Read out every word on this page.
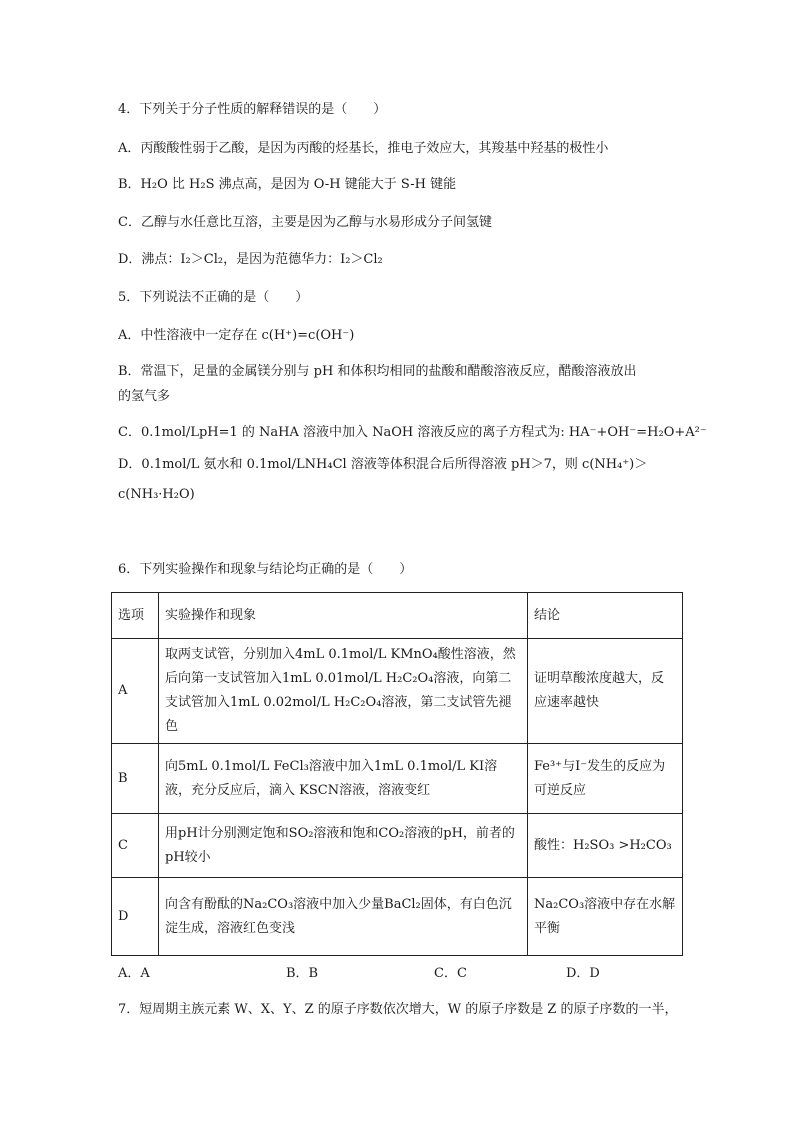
4．下列关于分子性质的解释错误的是（　　）
A．丙酸酸性弱于乙酸，是因为丙酸的烃基长，推电子效应大，其羧基中羟基的极性小
B．H₂O 比 H₂S 沸点高，是因为 O-H 键能大于 S-H 键能
C．乙醇与水任意比互溶，主要是因为乙醇与水易形成分子间氢键
D．沸点：I₂＞Cl₂，是因为范德华力：I₂＞Cl₂
5．下列说法不正确的是（　　）
A．中性溶液中一定存在 c(H⁺)=c(OH⁻)
B．常温下，足量的金属镁分别与 pH 和体积均相同的盐酸和醋酸溶液反应，醋酸溶液放出
的氢气多
C．0.1mol/LpH=1 的 NaHA 溶液中加入 NaOH 溶液反应的离子方程式为: HA⁻+OH⁻=H₂O+A²⁻
D．0.1mol/L 氨水和 0.1mol/LNH₄Cl 溶液等体积混合后所得溶液 pH＞7，则 c(NH₄⁺)＞
c(NH₃·H₂O)
6．下列实验操作和现象与结论均正确的是（　　）
选项	实验操作和现象	结论
A	取两支试管，分别加入4mL 0.1mol/L KMnO₄酸性溶液，然后向第一支试管加入1mL 0.01mol/L H₂C₂O₄溶液，向第二支试管加入1mL 0.02mol/L H₂C₂O₄溶液，第二支试管先褪色	证明草酸浓度越大，反应速率越快
B	向5mL 0.1mol/L FeCl₃溶液中加入1mL 0.1mol/L KI溶液，充分反应后，滴入 KSCN溶液，溶液变红	Fe³⁺与I⁻发生的反应为可逆反应
C	用pH计分别测定饱和SO₂溶液和饱和CO₂溶液的pH，前者的pH较小	酸性：H₂SO₃ >H₂CO₃
D	向含有酚酞的Na₂CO₃溶液中加入少量BaCl₂固体，有白色沉淀生成，溶液红色变浅	Na₂CO₃溶液中存在水解平衡
A．A	B．B	C．C	D．D
7．短周期主族元素 W、X、Y、Z 的原子序数依次增大，W 的原子序数是 Z 的原子序数的一半，
